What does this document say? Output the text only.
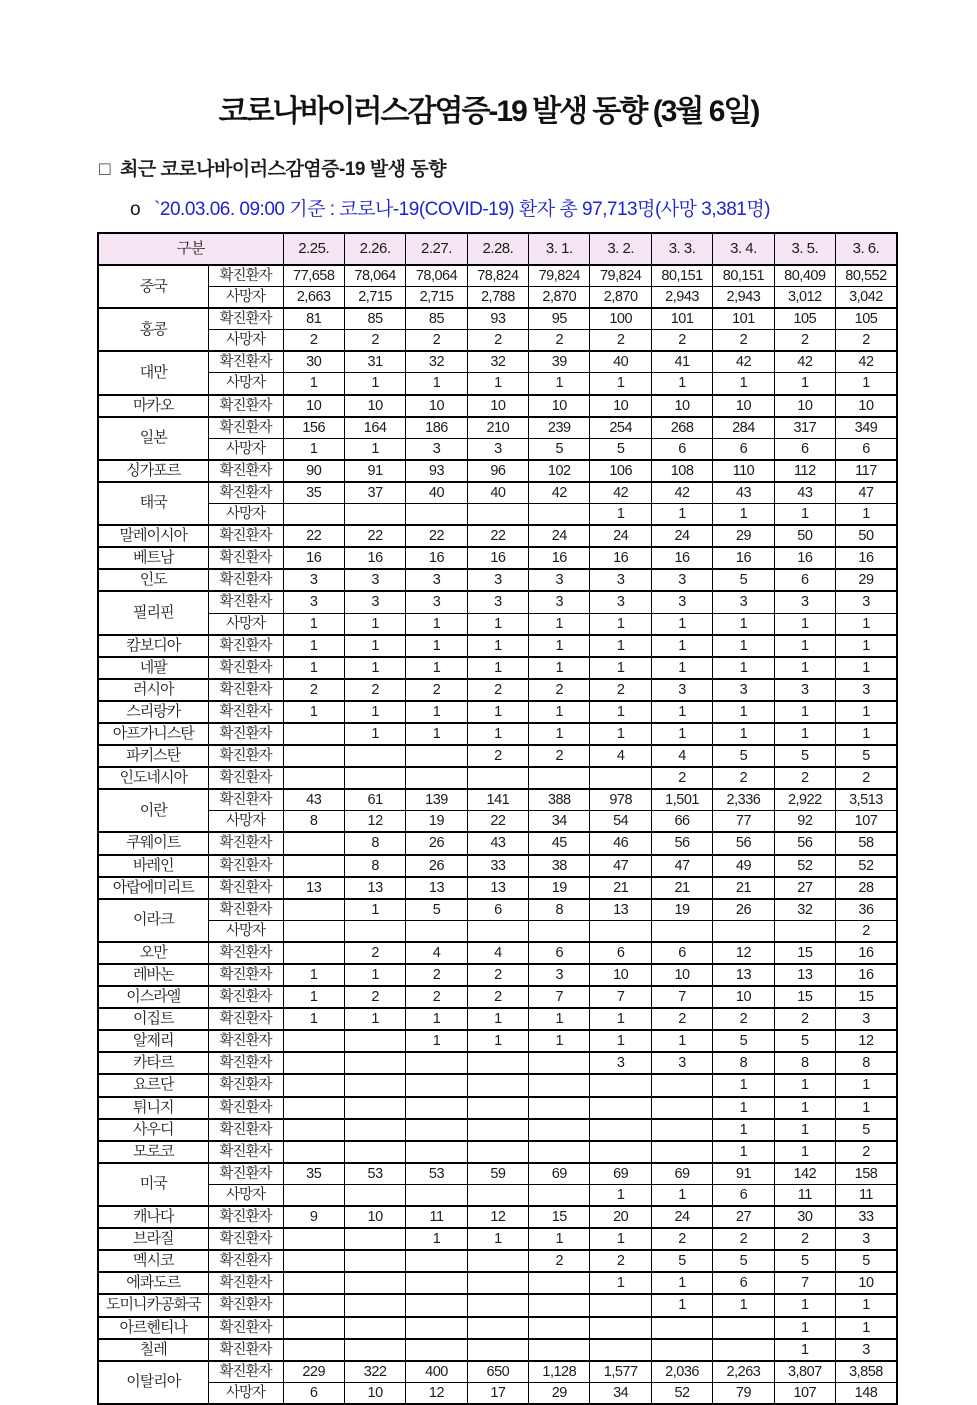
코로나바이러스감염증-19 발생 동향 (3월 6일)
□ 최근 코로나바이러스감염증-19 발생 동향
o `20.03.06. 09:00 기준 : 코로나-19(COVID-19) 환자 총 97,713명(사망 3,381명)
구분		2.25.	2.26.	2.27.	2.28.	3. 1.	3. 2.	3. 3.	3. 4.	3. 5.	3. 6.
중국	확진환자	77,658	78,064	78,064	78,824	79,824	79,824	80,151	80,151	80,409	80,552
	사망자	2,663	2,715	2,715	2,788	2,870	2,870	2,943	2,943	3,012	3,042
홍콩	확진환자	81	85	85	93	95	100	101	101	105	105
	사망자	2	2	2	2	2	2	2	2	2	2
대만	확진환자	30	31	32	32	39	40	41	42	42	42
	사망자	1	1	1	1	1	1	1	1	1	1
마카오	확진환자	10	10	10	10	10	10	10	10	10	10
일본	확진환자	156	164	186	210	239	254	268	284	317	349
	사망자	1	1	3	3	5	5	6	6	6	6
싱가포르	확진환자	90	91	93	96	102	106	108	110	112	117
태국	확진환자	35	37	40	40	42	42	42	43	43	47
	사망자						1	1	1	1	1
말레이시아	확진환자	22	22	22	22	24	24	24	29	50	50
베트남	확진환자	16	16	16	16	16	16	16	16	16	16
인도	확진환자	3	3	3	3	3	3	3	5	6	29
필리핀	확진환자	3	3	3	3	3	3	3	3	3	3
	사망자	1	1	1	1	1	1	1	1	1	1
캄보디아	확진환자	1	1	1	1	1	1	1	1	1	1
네팔	확진환자	1	1	1	1	1	1	1	1	1	1
러시아	확진환자	2	2	2	2	2	2	3	3	3	3
스리랑카	확진환자	1	1	1	1	1	1	1	1	1	1
아프가니스탄	확진환자		1	1	1	1	1	1	1	1	1
파키스탄	확진환자				2	2	4	4	5	5	5
인도네시아	확진환자							2	2	2	2
이란	확진환자	43	61	139	141	388	978	1,501	2,336	2,922	3,513
	사망자	8	12	19	22	34	54	66	77	92	107
쿠웨이트	확진환자		8	26	43	45	46	56	56	56	58
바레인	확진환자		8	26	33	38	47	47	49	52	52
아랍에미리트	확진환자	13	13	13	13	19	21	21	21	27	28
이라크	확진환자		1	5	6	8	13	19	26	32	36
	사망자										2
오만	확진환자		2	4	4	6	6	6	12	15	16
레바논	확진환자	1	1	2	2	3	10	10	13	13	16
이스라엘	확진환자	1	2	2	2	7	7	7	10	15	15
이집트	확진환자	1	1	1	1	1	1	2	2	2	3
알제리	확진환자			1	1	1	1	1	5	5	12
카타르	확진환자						3	3	8	8	8
요르단	확진환자								1	1	1
튀니지	확진환자								1	1	1
사우디	확진환자								1	1	5
모로코	확진환자								1	1	2
미국	확진환자	35	53	53	59	69	69	69	91	142	158
	사망자						1	1	6	11	11
캐나다	확진환자	9	10	11	12	15	20	24	27	30	33
브라질	확진환자			1	1	1	1	2	2	2	3
멕시코	확진환자					2	2	5	5	5	5
에콰도르	확진환자						1	1	6	7	10
도미니카공화국	확진환자							1	1	1	1
아르헨티나	확진환자									1	1
칠레	확진환자									1	3
이탈리아	확진환자	229	322	400	650	1,128	1,577	2,036	2,263	3,807	3,858
	사망자	6	10	12	17	29	34	52	79	107	148
